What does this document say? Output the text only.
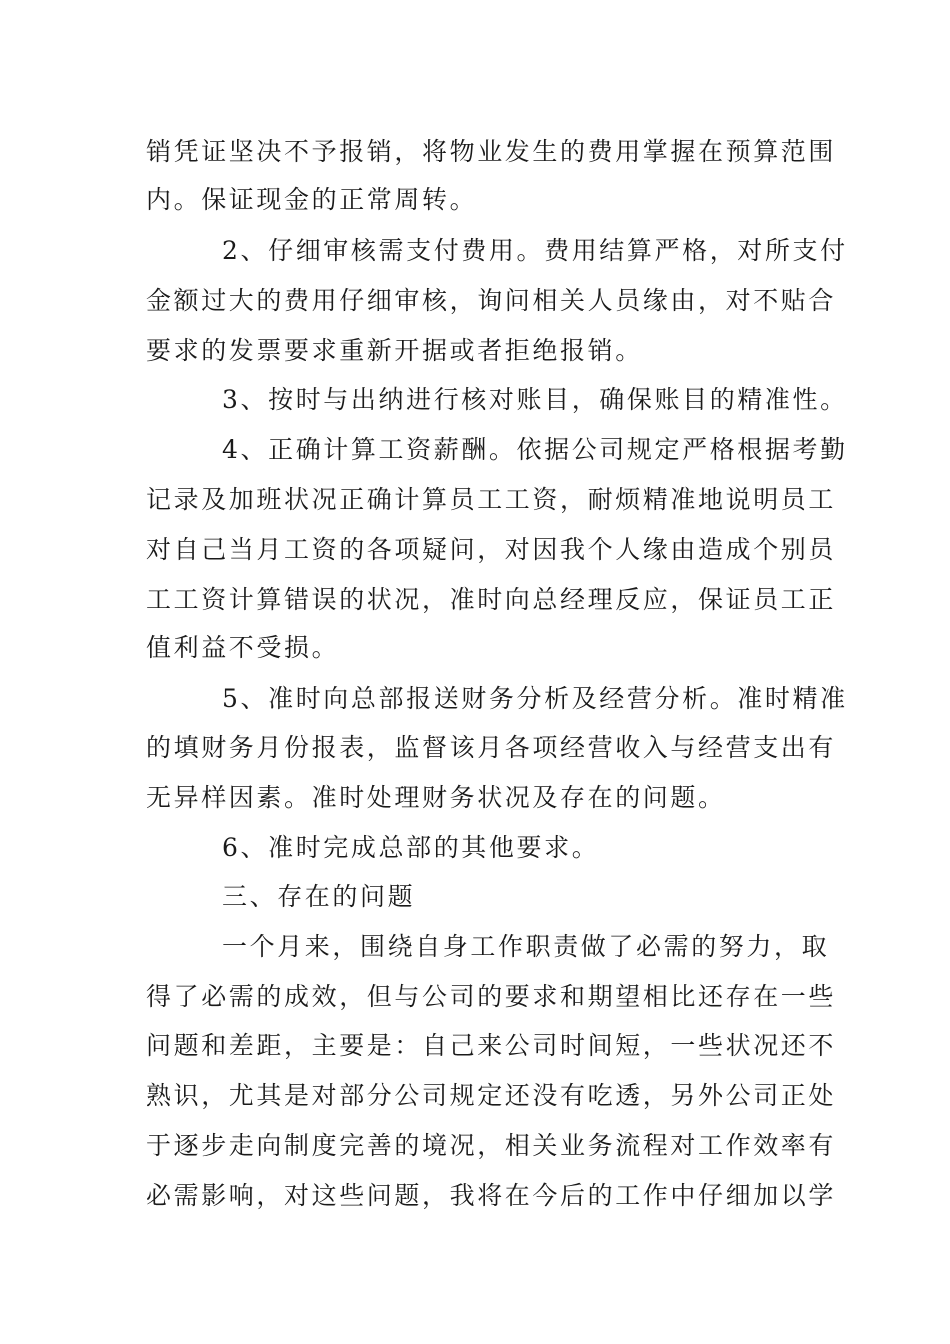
销凭证坚决不予报销，将物业发生的费用掌握在预算范围
内。保证现金的正常周转。
2、仔细审核需支付费用。费用结算严格，对所支付
金额过大的费用仔细审核，询问相关人员缘由，对不贴合
要求的发票要求重新开据或者拒绝报销。
3、按时与出纳进行核对账目，确保账目的精准性。
4、正确计算工资薪酬。依据公司规定严格根据考勤
记录及加班状况正确计算员工工资，耐烦精准地说明员工
对自己当月工资的各项疑问，对因我个人缘由造成个别员
工工资计算错误的状况，准时向总经理反应，保证员工正
值利益不受损。
5、准时向总部报送财务分析及经营分析。准时精准
的填财务月份报表，监督该月各项经营收入与经营支出有
无异样因素。准时处理财务状况及存在的问题。
6、准时完成总部的其他要求。
三、存在的问题
一个月来，围绕自身工作职责做了必需的努力，取
得了必需的成效，但与公司的要求和期望相比还存在一些
问题和差距，主要是：自己来公司时间短，一些状况还不
熟识，尤其是对部分公司规定还没有吃透，另外公司正处
于逐步走向制度完善的境况，相关业务流程对工作效率有
必需影响，对这些问题，我将在今后的工作中仔细加以学
